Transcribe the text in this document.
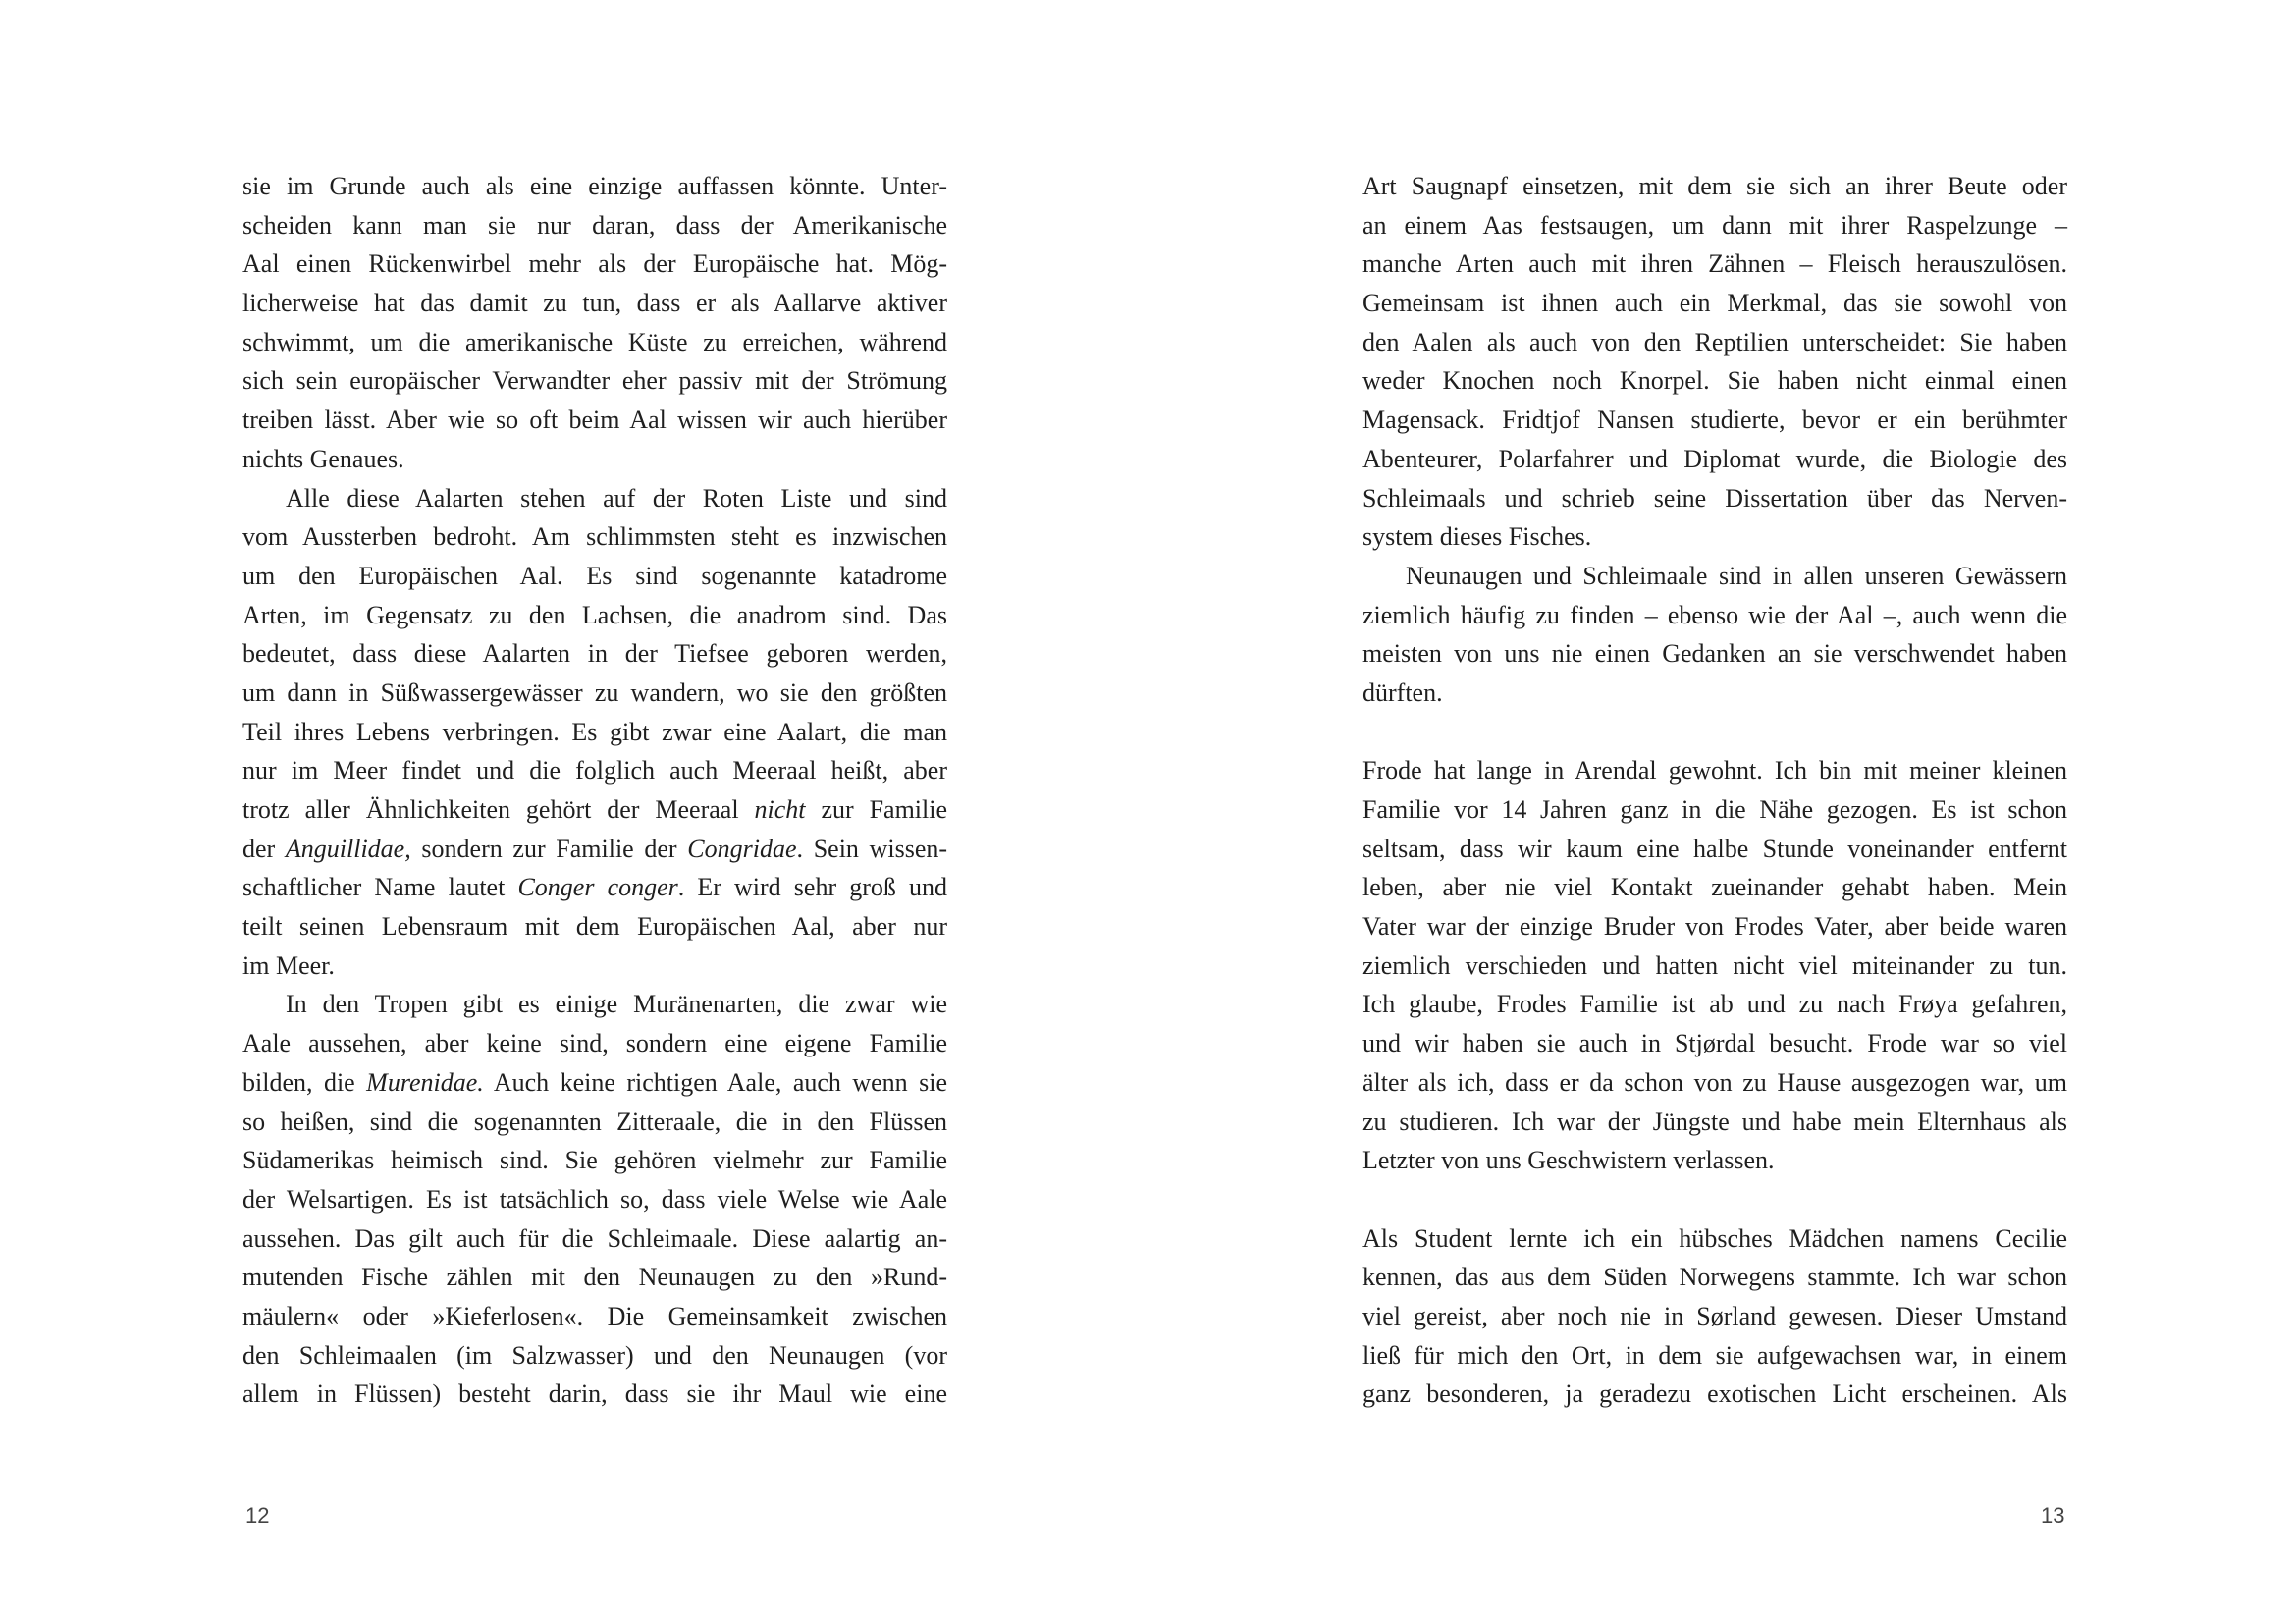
sie im Grunde auch als eine einzige auffassen könnte. Unter-
scheiden kann man sie nur daran, dass der Amerikanische
Aal einen Rückenwirbel mehr als der Europäische hat. Mög-
licherweise hat das damit zu tun, dass er als Aallarve aktiver
schwimmt, um die amerikanische Küste zu erreichen, während
sich sein europäischer Verwandter eher passiv mit der Strömung
treiben lässt. Aber wie so oft beim Aal wissen wir auch hierüber
nichts Genaues.
Alle diese Aalarten stehen auf der Roten Liste und sind
vom Aussterben bedroht. Am schlimmsten steht es inzwischen
um den Europäischen Aal. Es sind sogenannte katadrome
Arten, im Gegensatz zu den Lachsen, die anadrom sind. Das
bedeutet, dass diese Aalarten in der Tiefsee geboren werden,
um dann in Süßwassergewässer zu wandern, wo sie den größten
Teil ihres Lebens verbringen. Es gibt zwar eine Aalart, die man
nur im Meer findet und die folglich auch Meeraal heißt, aber
trotz aller Ähnlichkeiten gehört der Meeraal nicht zur Familie
der Anguillidae, sondern zur Familie der Congridae. Sein wissen-
schaftlicher Name lautet Conger conger. Er wird sehr groß und
teilt seinen Lebensraum mit dem Europäischen Aal, aber nur
im Meer.
In den Tropen gibt es einige Muränenarten, die zwar wie
Aale aussehen, aber keine sind, sondern eine eigene Familie
bilden, die Murenidae. Auch keine richtigen Aale, auch wenn sie
so heißen, sind die sogenannten Zitteraale, die in den Flüssen
Südamerikas heimisch sind. Sie gehören vielmehr zur Familie
der Welsartigen. Es ist tatsächlich so, dass viele Welse wie Aale
aussehen. Das gilt auch für die Schleimaale. Diese aalartig an-
mutenden Fische zählen mit den Neunaugen zu den »Rund-
mäulern« oder »Kieferlosen«. Die Gemeinsamkeit zwischen
den Schleimaalen (im Salzwasser) und den Neunaugen (vor
allem in Flüssen) besteht darin, dass sie ihr Maul wie eine
12
Art Saugnapf einsetzen, mit dem sie sich an ihrer Beute oder
an einem Aas festsaugen, um dann mit ihrer Raspelzunge –
manche Arten auch mit ihren Zähnen – Fleisch herauszulösen.
Gemeinsam ist ihnen auch ein Merkmal, das sie sowohl von
den Aalen als auch von den Reptilien unterscheidet: Sie haben
weder Knochen noch Knorpel. Sie haben nicht einmal einen
Magensack. Fridtjof Nansen studierte, bevor er ein berühmter
Abenteurer, Polarfahrer und Diplomat wurde, die Biologie des
Schleimaals und schrieb seine Dissertation über das Nerven-
system dieses Fisches.
Neunaugen und Schleimaale sind in allen unseren Gewässern
ziemlich häufig zu finden – ebenso wie der Aal –, auch wenn die
meisten von uns nie einen Gedanken an sie verschwendet haben
dürften.
Frode hat lange in Arendal gewohnt. Ich bin mit meiner kleinen
Familie vor 14 Jahren ganz in die Nähe gezogen. Es ist schon
seltsam, dass wir kaum eine halbe Stunde voneinander entfernt
leben, aber nie viel Kontakt zueinander gehabt haben. Mein
Vater war der einzige Bruder von Frodes Vater, aber beide waren
ziemlich verschieden und hatten nicht viel miteinander zu tun.
Ich glaube, Frodes Familie ist ab und zu nach Frøya gefahren,
und wir haben sie auch in Stjørdal besucht. Frode war so viel
älter als ich, dass er da schon von zu Hause ausgezogen war, um
zu studieren. Ich war der Jüngste und habe mein Elternhaus als
Letzter von uns Geschwistern verlassen.
Als Student lernte ich ein hübsches Mädchen namens Cecilie
kennen, das aus dem Süden Norwegens stammte. Ich war schon
viel gereist, aber noch nie in Sørland gewesen. Dieser Umstand
ließ für mich den Ort, in dem sie aufgewachsen war, in einem
ganz besonderen, ja geradezu exotischen Licht erscheinen. Als
13
